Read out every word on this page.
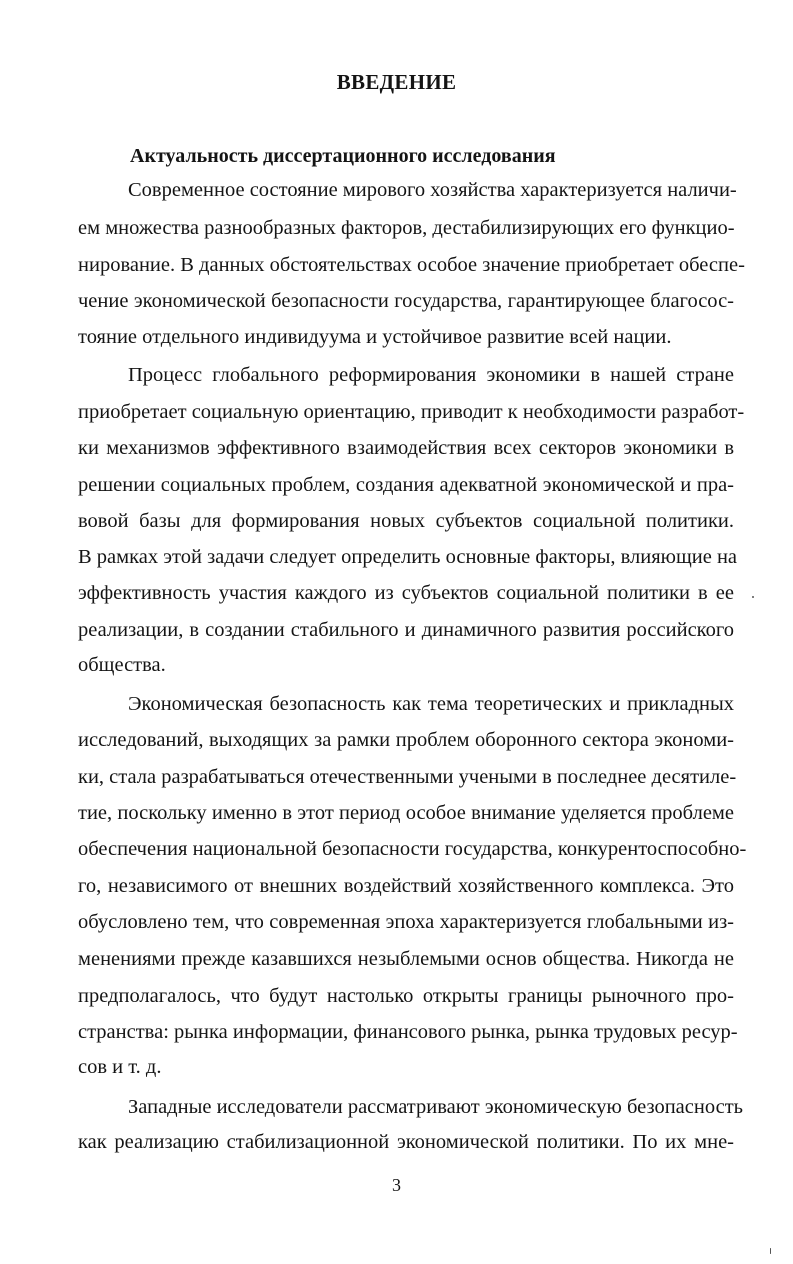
ВВЕДЕНИЕ
Актуальность диссертационного исследования
Современное состояние мирового хозяйства характеризуется наличи-
ем множества разнообразных факторов, дестабилизирующих его функцио-
нирование. В данных обстоятельствах особое значение приобретает обеспе-
чение экономической безопасности государства, гарантирующее благосос-
тояние отдельного индивидуума и устойчивое развитие всей нации.
Процесс глобального реформирования экономики в нашей стране
приобретает социальную ориентацию, приводит к необходимости разработ-
ки механизмов эффективного взаимодействия всех секторов экономики в
решении социальных проблем, создания адекватной экономической и пра-
вовой базы для формирования новых субъектов социальной политики.
В рамках этой задачи следует определить основные факторы, влияющие на
эффективность участия каждого из субъектов социальной политики в ее
реализации, в создании стабильного и динамичного развития российского
общества.
Экономическая безопасность как тема теоретических и прикладных
исследований, выходящих за рамки проблем оборонного сектора экономи-
ки, стала разрабатываться отечественными учеными в последнее десятиле-
тие, поскольку именно в этот период особое внимание уделяется проблеме
обеспечения национальной безопасности государства, конкурентоспособно-
го, независимого от внешних воздействий хозяйственного комплекса. Это
обусловлено тем, что современная эпоха характеризуется глобальными из-
менениями прежде казавшихся незыблемыми основ общества. Никогда не
предполагалось, что будут настолько открыты границы рыночного про-
странства: рынка информации, финансового рынка, рынка трудовых ресур-
сов и т. д.
Западные исследователи рассматривают экономическую безопасность
как реализацию стабилизационной экономической политики. По их мне-
3
